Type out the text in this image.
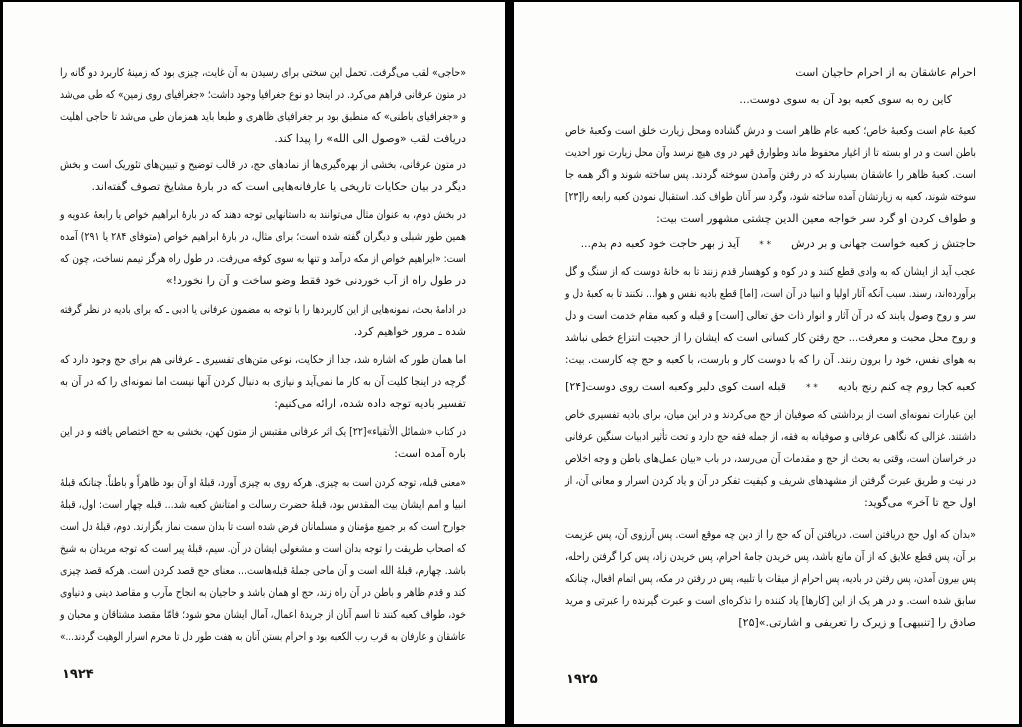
«حاجی» لقب می‌گرفت. تحمل این سختی برای رسیدن به آن غایت، چیزی بود که زمینهٔ کاربرد دو گانه را
در متون عرفانی فراهم می‌کرد. در اینجا دو نوع جغرافیا وجود داشت؛ «جغرافیای روی زمین» که طی می‌شد
و «جغرافیای باطنی» که منطبق بود بر جغرافیای ظاهری و طبعا باید همزمان طی می‌شد تا حاجی اهلیت
دریافت لقب «وصول الی الله» را پیدا کند.
در متون عرفانی، بخشی از بهره‌گیری‌ها از نمادهای حج، در قالب توضیح و تبیین‌های تئوریک است و بخش
دیگر در بیان حکایات تاریخی یا عارفانه‌هایی است که در بارهٔ مشایخ تصوف گفته‌اند.
در بخش دوم، به عنوان مثال می‌توانند به داستانهایی توجه دهند که در بارهٔ ابراهیم خواص یا رابعهٔ عدویه و
همین طور شبلی و دیگران گفته شده است؛ برای مثال، در بارهٔ ابراهیم خواص (متوفای ۲۸۴ یا ۲۹۱) آمده
است: «ابراهیم خواص از مکه درآمد و تنها به سوی کوفه می‌رفت. در طول راه هرگز تیمم نساخت، چون که
در طول راه از آب خوردنی خود فقط وضو ساخت و آن را نخورد!»
در ادامهٔ بحث، نمونه‌هایی از این کاربردها را با توجه به مضمون عرفانی یا ادبی ـ که برای بادیه در نظر گرفته
شده ـ مرور خواهیم کرد.
اما همان طور که اشاره شد، جدا از حکایت، نوعی متن‌های تفسیری ـ عرفانی هم برای حج وجود دارد که
گرچه در اینجا کلیت آن به کار ما نمی‌آید و نیازی به دنبال کردن آنها نیست اما نمونه‌ای را که در آن به
تفسیر بادیه توجه داده شده، ارائه می‌کنیم:
در کتاب «شمائل الأتقیاء»[۲۲] یک اثر عرفانی مقتبس از متون کهن، بخشی به حج اختصاص یافته و در این
باره آمده است:
«معنی قبله، توجه کردن است به چیزی. هرکه روی به چیزی آورد، قبلهٔ او آن بود ظاهراً و باطناً. چنانکه قبلهٔ
انبیا و امم ایشان بیت المقدس بود، قبلهٔ حضرت رسالت و امتانش کعبه شد... قبله چهار است: اول، قبلهٔ
جوارح است که بر جمیع مؤمنان و مسلمانان فرض شده است تا بدان سمت نماز بگزارند. دوم، قبلهٔ دل است
که اصحاب طریقت را توجه بدان است و مشغولی ایشان در آن. سیم، قبلهٔ پیر است که توجه مریدان به شیخ
باشد. چهارم، قبلهٔ الله است و آن ماحی جملهٔ قبله‌هاست... معنای حج قصد کردن است. هرکه قصد چیزی
کند و قدم ظاهر و باطن در آن راه زند، حج او همان باشد و حاجیان به انجاح مآرب و مقاصد دینی و دنیاوی
خود، طواف کعبه کنند تا اسم آنان از جریدهٔ اعمال، آمال ایشان محو شود؛ فامّا مقصد مشتاقان و محبان و
عاشقان و عارفان به قرب رب الکعبه بود و احرام بستن آنان به هفت طور دل تا محرم اسرار الوهیت گردند...»
۱۹۲۴
احرام عاشقان به از احرام حاجیان است
کاین ره به سوی کعبه بود آن به سوی دوست...
کعبهٔ عام است وکعبهٔ خاص؛ کعبه عام ظاهر است و درش گشاده ومحل زیارت خلق است وکعبهٔ خاص
باطن است و در او بسته تا از اغیار محفوظ ماند وطوارق قهر در وی هیچ نرسد وآن محل زیارت نور احدیت
است. کعبهٔ ظاهر را عاشقان بسیارند که در رفتن وآمدن سوخته گردند. پس ساخته شوند و اگر همه جا
سوخته شوند، کعبه به زیارتشان آمده ساخته شود، وگرد سر آنان طواف کند. استقبال نمودن کعبه رابعه را[۲۳]
و طواف کردن او گرد سر خواجه معین الدین چشتی مشهور است بیت:
حاجتش ز کعبه خواست جهانی و بر درش* *آید ز بهر حاجت خود کعبه دم بدم...
عجب آید از ایشان که به وادی قطع کنند و در کوه و کوهسار قدم زنند تا به خانهٔ دوست که از سنگ و گل
برآورده‌اند، رسند. سبب آنکه آثار اولیا و انبیا در آن است، [اما] قطع بادیه نفس و هوا... نکنند تا به کعبهٔ دل و
سر و روح وصول یابند که در آن آثار و انوار ذات حق تعالی [است] و قبله و کعبه مقام خدمت است و دل
و روح محل محبت و معرفت... حج رفتن کار کسانی است که ایشان را از حجیت انتزاع خطی نباشد
به هوای نفس، خود را برون رنند. آن را که با دوست کار و بارست، با کعبه و حج چه کارست. بیت:
کعبه کجا روم چه کنم رنج بادیه* *قبله است کوی دلبر وکعبه است روی دوست[۲۴]
این عبارات نمونه‌ای است از برداشتی که صوفیان از حج می‌کردند و در این میان، برای بادیه تفسیری خاص
داشتند. غزالی که نگاهی عرفانی و صوفیانه به فقه، از جمله فقه حج دارد و تحت تأثیر ادبیات سنگین عرفانی
در خراسان است، وقتی به بحث از حج و مقدمات آن می‌رسد، در باب «بیان عمل‌های باطن و وجه اخلاص
در نیت و طریق عبرت گرفتن از مشهدهای شریف و کیفیت تفکر در آن و یاد کردن اسرار و معانی آن، از
اول حج تا آخر» می‌گوید:
«بدان که اول حج دریافتن است. دریافتن آن که حج را از دین چه موقع است. پس آرزوی آن، پس عزیمت
بر آن، پس قطع علایق که از آن مانع باشد، پس خریدن جامهٔ احرام، پس خریدن زاد، پس کرا گرفتن راحله،
پس بیرون آمدن، پس رفتن در بادیه، پس احرام از میقات با تلبیه، پس در رفتن در مکه، پس اتمام افعال، چنانکه
سابق شده است. و در هر یک از این [کارها] یاد کننده را تذکره‌ای است و عبرت گیرنده را عبرتی و مرید
صادق را [تنبیهی] و زیرک را تعریفی و اشارتی.»[۲۵]
۱۹۲۵
